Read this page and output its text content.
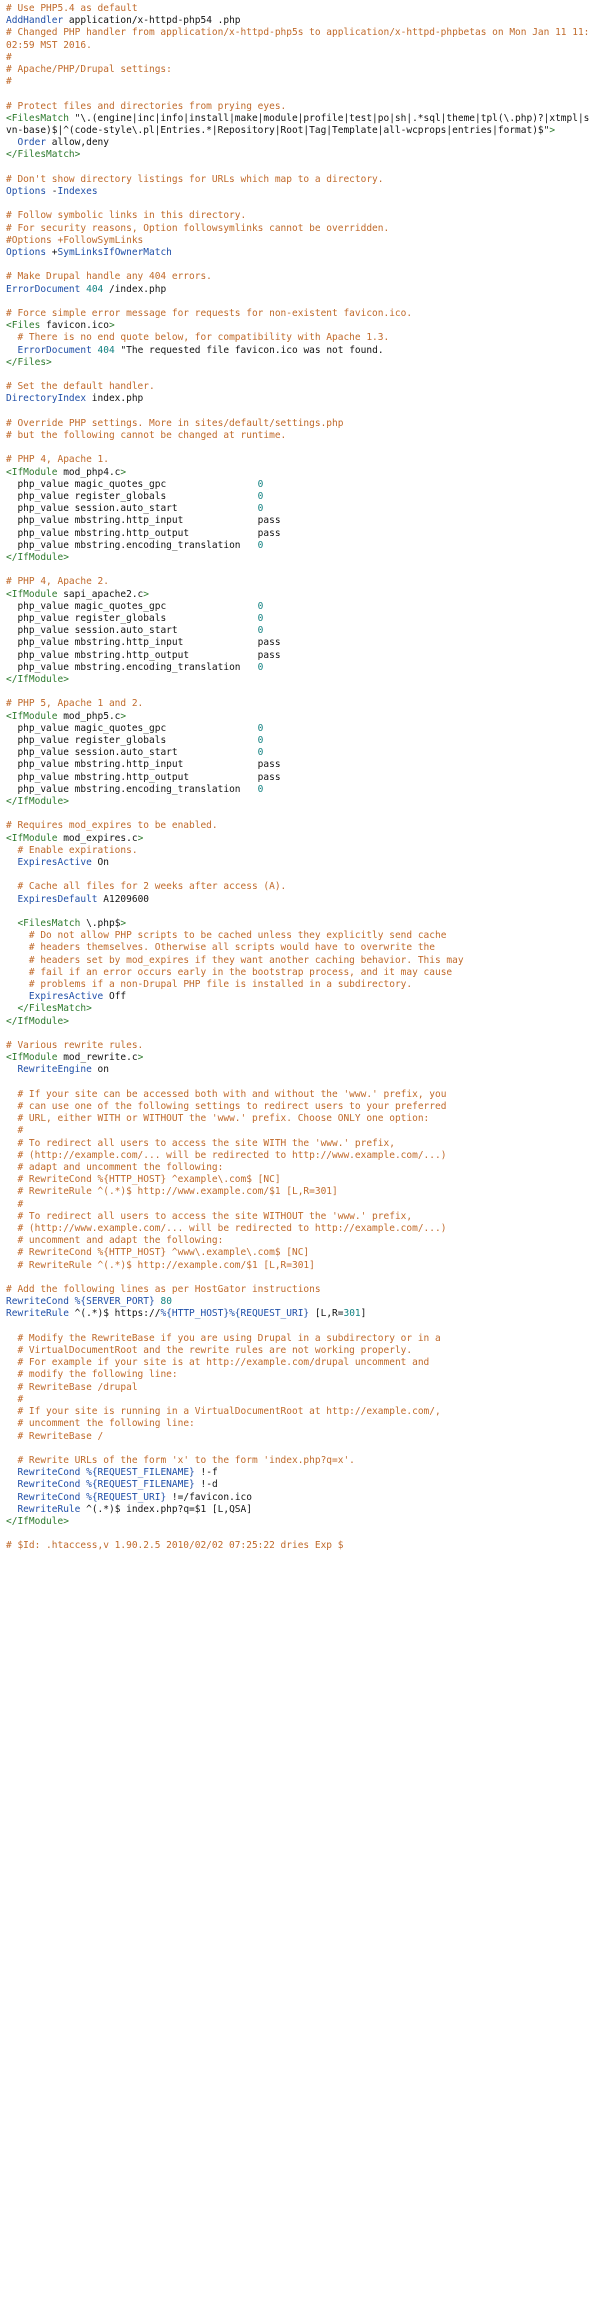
# Use PHP5.4 as default
AddHandler application/x-httpd-php54 .php
# Changed PHP handler from application/x-httpd-php5s to application/x-httpd-phpbetas on Mon Jan 11 11:02:59 MST 2016.
#
# Apache/PHP/Drupal settings:
#
# Protect files and directories from prying eyes.
<FilesMatch "\.(engine|inc|info|install|make|module|profile|test|po|sh|.*sql|theme|tpl(\.php)?|xtmpl|svn-base)$|^(code-style\.pl|Entries.*|Repository|Root|Tag|Template|all-wcprops|entries|format)$">
Order allow,deny
</FilesMatch>
# Don't show directory listings for URLs which map to a directory.
Options -Indexes
# Follow symbolic links in this directory.
# For security reasons, Option followsymlinks cannot be overridden.
#Options +FollowSymLinks
Options +SymLinksIfOwnerMatch
# Make Drupal handle any 404 errors.
ErrorDocument 404 /index.php
# Force simple error message for requests for non-existent favicon.ico.
<Files favicon.ico>
# There is no end quote below, for compatibility with Apache 1.3.
ErrorDocument 404 "The requested file favicon.ico was not found.
</Files>
# Set the default handler.
DirectoryIndex index.php
# Override PHP settings. More in sites/default/settings.php
# but the following cannot be changed at runtime.
# PHP 4, Apache 1.
<IfModule mod_php4.c>
php_value magic_quotes_gpc                0
php_value register_globals                0
php_value session.auto_start              0
php_value mbstring.http_input             pass
php_value mbstring.http_output            pass
php_value mbstring.encoding_translation   0
</IfModule>
# PHP 4, Apache 2.
<IfModule sapi_apache2.c>
php_value magic_quotes_gpc                0
php_value register_globals                0
php_value session.auto_start              0
php_value mbstring.http_input             pass
php_value mbstring.http_output            pass
php_value mbstring.encoding_translation   0
</IfModule>
# PHP 5, Apache 1 and 2.
<IfModule mod_php5.c>
php_value magic_quotes_gpc                0
php_value register_globals                0
php_value session.auto_start              0
php_value mbstring.http_input             pass
php_value mbstring.http_output            pass
php_value mbstring.encoding_translation   0
</IfModule>
# Requires mod_expires to be enabled.
<IfModule mod_expires.c>
# Enable expirations.
ExpiresActive On
# Cache all files for 2 weeks after access (A).
ExpiresDefault A1209600
<FilesMatch \.php$>
# Do not allow PHP scripts to be cached unless they explicitly send cache
# headers themselves. Otherwise all scripts would have to overwrite the
# headers set by mod_expires if they want another caching behavior. This may
# fail if an error occurs early in the bootstrap process, and it may cause
# problems if a non-Drupal PHP file is installed in a subdirectory.
ExpiresActive Off
</FilesMatch>
</IfModule>
# Various rewrite rules.
<IfModule mod_rewrite.c>
RewriteEngine on
# If your site can be accessed both with and without the 'www.' prefix, you
# can use one of the following settings to redirect users to your preferred
# URL, either WITH or WITHOUT the 'www.' prefix. Choose ONLY one option:
#
# To redirect all users to access the site WITH the 'www.' prefix,
# (http://example.com/... will be redirected to http://www.example.com/...)
# adapt and uncomment the following:
# RewriteCond %{HTTP_HOST} ^example\.com$ [NC]
# RewriteRule ^(.*)$ http://www.example.com/$1 [L,R=301]
#
# To redirect all users to access the site WITHOUT the 'www.' prefix,
# (http://www.example.com/... will be redirected to http://example.com/...)
# uncomment and adapt the following:
# RewriteCond %{HTTP_HOST} ^www\.example\.com$ [NC]
# RewriteRule ^(.*)$ http://example.com/$1 [L,R=301]
# Add the following lines as per HostGator instructions
RewriteCond %{SERVER_PORT} 80
RewriteRule ^(.*)$ https://%{HTTP_HOST}%{REQUEST_URI} [L,R=301]
# Modify the RewriteBase if you are using Drupal in a subdirectory or in a
# VirtualDocumentRoot and the rewrite rules are not working properly.
# For example if your site is at http://example.com/drupal uncomment and
# modify the following line:
# RewriteBase /drupal
#
# If your site is running in a VirtualDocumentRoot at http://example.com/,
# uncomment the following line:
# RewriteBase /
# Rewrite URLs of the form 'x' to the form 'index.php?q=x'.
RewriteCond %{REQUEST_FILENAME} !-f
RewriteCond %{REQUEST_FILENAME} !-d
RewriteCond %{REQUEST_URI} !=/favicon.ico
RewriteRule ^(.*)$ index.php?q=$1 [L,QSA]
</IfModule>
# $Id: .htaccess,v 1.90.2.5 2010/02/02 07:25:22 dries Exp $
